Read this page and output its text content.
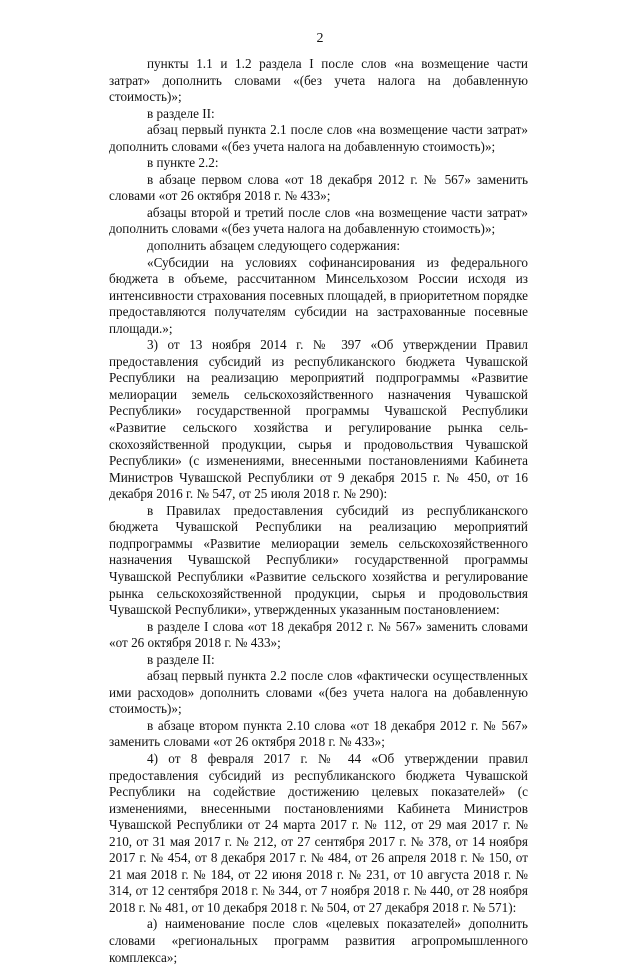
2

пункты 1.1 и 1.2 раздела I после слов «на возмещение части затрат» дополнить словами «(без учета налога на добавленную стоимость)»;

в разделе II:

абзац первый пункта 2.1 после слов «на возмещение части затрат» дополнить словами «(без учета налога на добавленную стоимость)»;

в пункте 2.2:

в абзаце первом слова «от 18 декабря 2012 г. № 567» заменить словами «от 26 октября 2018 г. № 433»;

абзацы второй и третий после слов «на возмещение части затрат» дополнить словами «(без учета налога на добавленную стоимость)»;

дополнить абзацем следующего содержания:

«Субсидии на условиях софинансирования из федерального бюджета в объеме, рассчитанном Минсельхозом России исходя из интенсивности страхования посевных площадей, в приоритетном порядке предоставляются получателям субсидии на застрахованные посевные площади.»;

3) от 13 ноября 2014 г. № 397 «Об утверждении Правил предоставления субсидий из республиканского бюджета Чувашской Республики на реализацию мероприятий подпрограммы «Развитие мелиорации земель сельскохозяйственного назначения Чувашской Республики» государственной программы Чувашской Республики «Развитие сельского хозяйства и регулирование рынка сельскохозяйственной продукции, сырья и продовольствия Чувашской Республики» (с изменениями, внесенными постановлениями Кабинета Министров Чувашской Республики от 9 декабря 2015 г. № 450, от 16 декабря 2016 г. № 547, от 25 июля 2018 г. № 290):

в Правилах предоставления субсидий из республиканского бюджета Чувашской Республики на реализацию мероприятий подпрограммы «Развитие мелиорации земель сельскохозяйственного назначения Чувашской Республики» государственной программы Чувашской Республики «Развитие сельского хозяйства и регулирование рынка сельскохозяйственной продукции, сырья и продовольствия Чувашской Республики», утвержденных указанным постановлением:

в разделе I слова «от 18 декабря 2012 г. № 567» заменить словами «от 26 октября 2018 г. № 433»;

в разделе II:

абзац первый пункта 2.2 после слов «фактически осуществленных ими расходов» дополнить словами «(без учета налога на добавленную стоимость)»;

в абзаце втором пункта 2.10 слова «от 18 декабря 2012 г. № 567» заменить словами «от 26 октября 2018 г. № 433»;

4) от 8 февраля 2017 г. № 44 «Об утверждении правил предоставления субсидий из республиканского бюджета Чувашской Республики на содействие достижению целевых показателей» (с изменениями, внесенными постановлениями Кабинета Министров Чувашской Республики от 24 марта 2017 г. № 112, от 29 мая 2017 г. № 210, от 31 мая 2017 г. № 212, от 27 сентября 2017 г. № 378, от 14 ноября 2017 г. № 454, от 8 декабря 2017 г. № 484, от 26 апреля 2018 г. № 150, от 21 мая 2018 г. № 184, от 22 июня 2018 г. № 231, от 10 августа 2018 г. № 314, от 12 сентября 2018 г. № 344, от 7 ноября 2018 г. № 440, от 28 ноября 2018 г. № 481, от 10 декабря 2018 г. № 504, от 27 декабря 2018 г. № 571):

а) наименование после слов «целевых показателей» дополнить словами «региональных программ развития агропромышленного комплекса»;
